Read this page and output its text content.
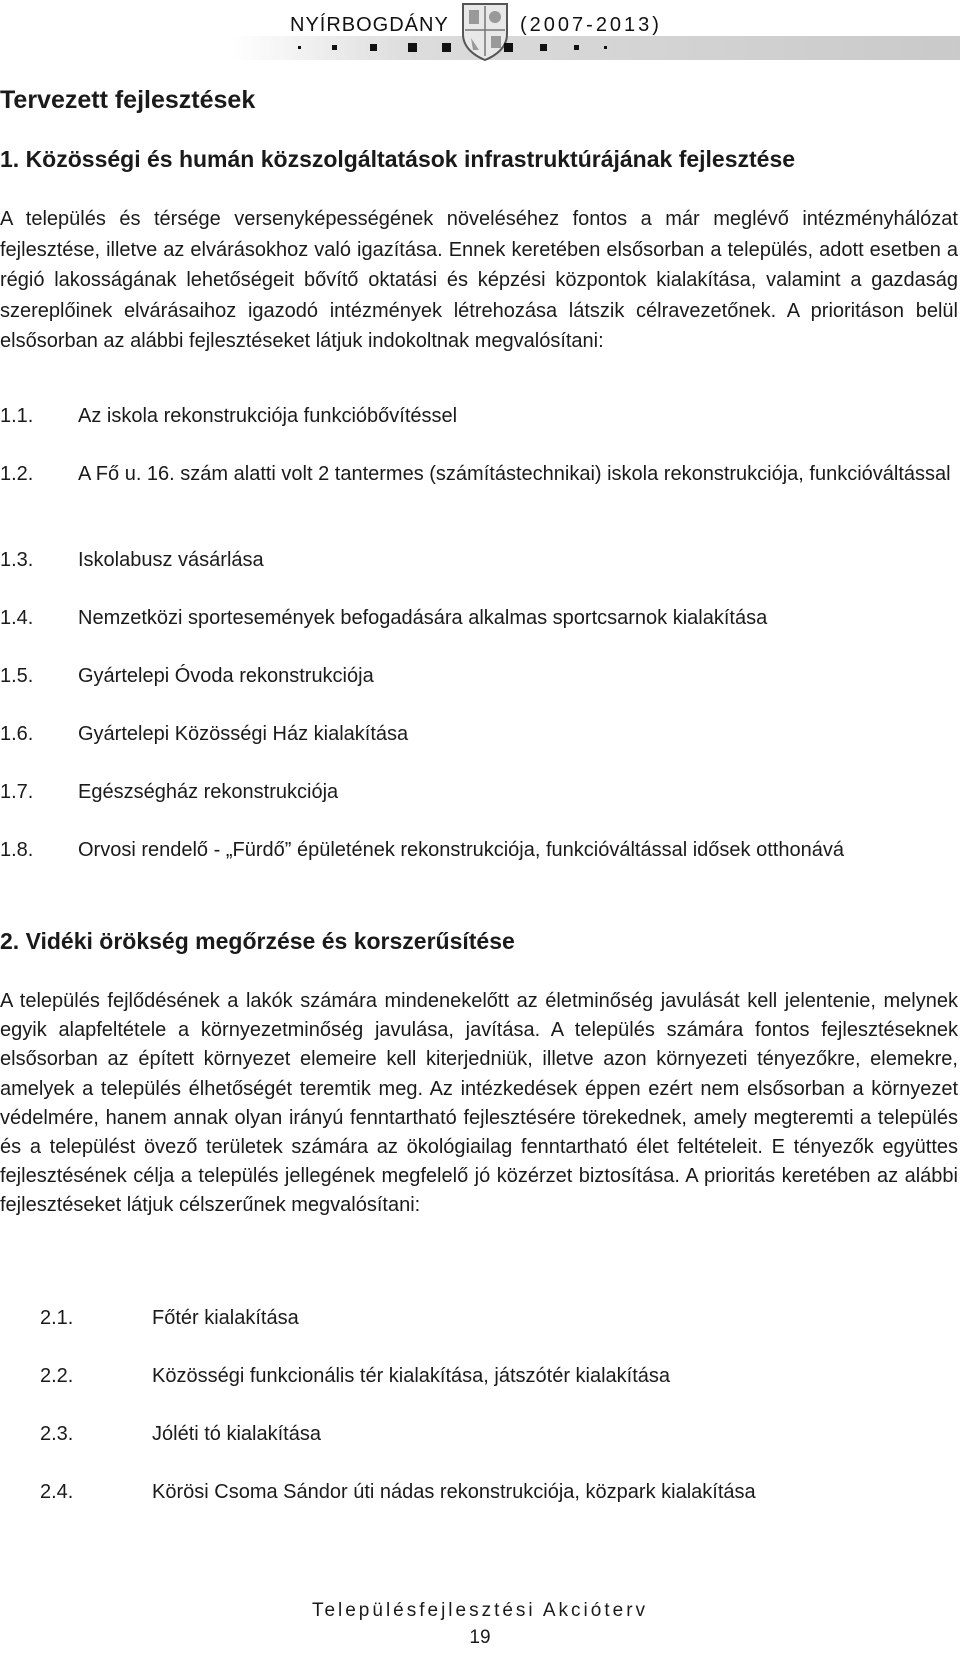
NYÍRBOGDÁNY	(2007-2013)
Tervezett fejlesztések
1. Közösségi és humán közszolgáltatások infrastruktúrájának fejlesztése
A település és térsége versenyképességének növeléséhez fontos a már meglévő intézményhálózat fejlesztése, illetve az elvárásokhoz való igazítása. Ennek keretében elsősorban a település, adott esetben a régió lakosságának lehetőségeit bővítő oktatási és képzési központok kialakítása, valamint a gazdaság szereplőinek elvárásaihoz igazodó intézmények létrehozása látszik célravezetőnek. A prioritáson belül elsősorban az alábbi fejlesztéseket látjuk indokoltnak megvalósítani:
1.1. Az iskola rekonstrukciója funkcióbővítéssel
1.2. A Fő u. 16. szám alatti volt 2 tantermes (számítástechnikai) iskola rekonstrukciója, funkcióváltással
1.3. Iskolabusz vásárlása
1.4. Nemzetközi sportesemények befogadására alkalmas sportcsarnok kialakítása
1.5. Gyártelepi Óvoda rekonstrukciója
1.6. Gyártelepi Közösségi Ház kialakítása
1.7. Egészségház rekonstrukciója
1.8. Orvosi rendelő - „Fürdő” épületének rekonstrukciója, funkcióváltással idősek otthonává
2. Vidéki örökség megőrzése és korszerűsítése
A település fejlődésének a lakók számára mindenekelőtt az életminőség javulását kell jelentenie, melynek egyik alapfeltétele a környezetminőség javulása, javítása. A település számára fontos fejlesztéseknek elsősorban az épített környezet elemeire kell kiterjedniük, illetve azon környezeti tényezőkre, elemekre, amelyek a település élhetőségét teremtik meg. Az intézkedések éppen ezért nem elsősorban a környezet védelmére, hanem annak olyan irányú fenntartható fejlesztésére törekednek, amely megteremti a település és a települést övező területek számára az ökológiailag fenntartható élet feltételeit. E tényezők együttes fejlesztésének célja a település jellegének megfelelő jó közérzet biztosítása. A prioritás keretében az alábbi fejlesztéseket látjuk célszerűnek megvalósítani:
2.1.	Főtér kialakítása
2.2.	Közösségi funkcionális tér kialakítása, játszótér kialakítása
2.3.	Jóléti tó kialakítása
2.4.	Körösi Csoma Sándor úti nádas rekonstrukciója, közpark kialakítása
Településfejlesztési Akcióterv
19
